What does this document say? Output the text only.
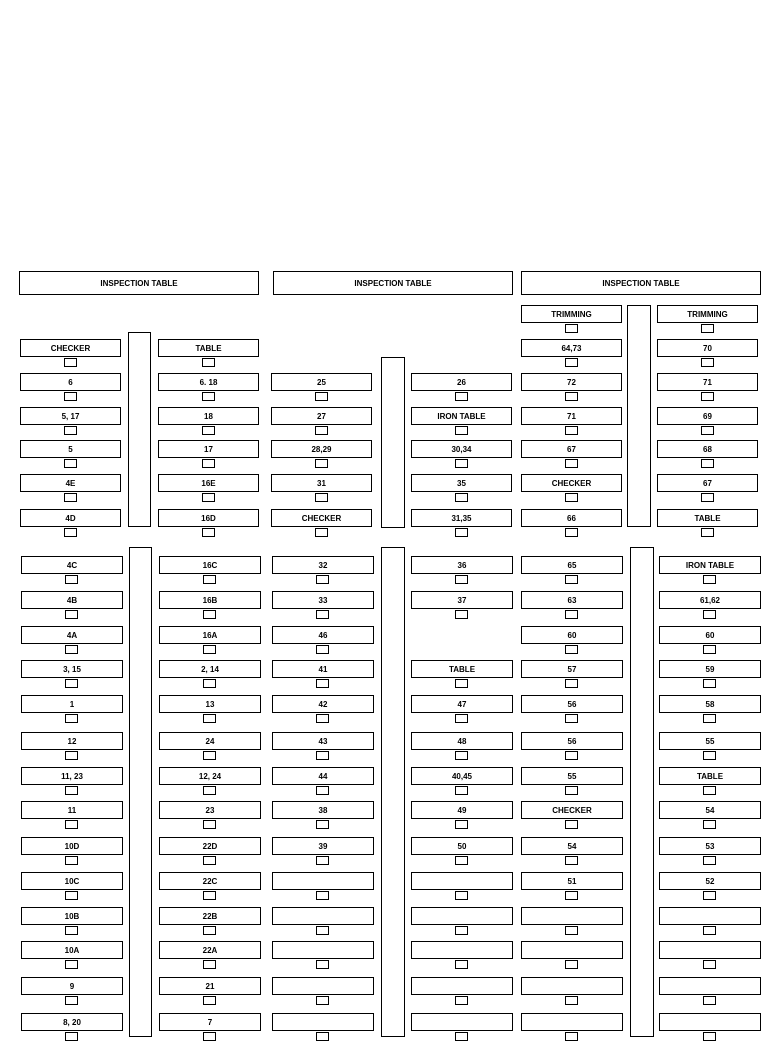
INSPECTION TABLE	INSPECTION TABLE	INSPECTION TABLE
CHECKER
6
5, 17
5
4E
4D
TABLE
6. 18
18
17
16E
16D
4C
4B
4A
3, 15
1
12
11, 23
11
10D
10C
10B
10A
9
8, 20
16C
16B
16A
2, 14
13
24
12, 24
23
22D
22C
22B
22A
21
7
25
27
28,29
31
CHECKER
26
IRON TABLE
30,34
35
31,35
32
33
46
41
42
43
44
38
39
36
37
TABLE
47
48
40,45
49
50
TRIMMING
64,73
72
71
67
CHECKER
66
TRIMMING
70
71
69
68
67
TABLE
65
63
60
57
56
56
55
CHECKER
54
51
IRON TABLE
61,62
60
59
58
55
TABLE
54
53
52
